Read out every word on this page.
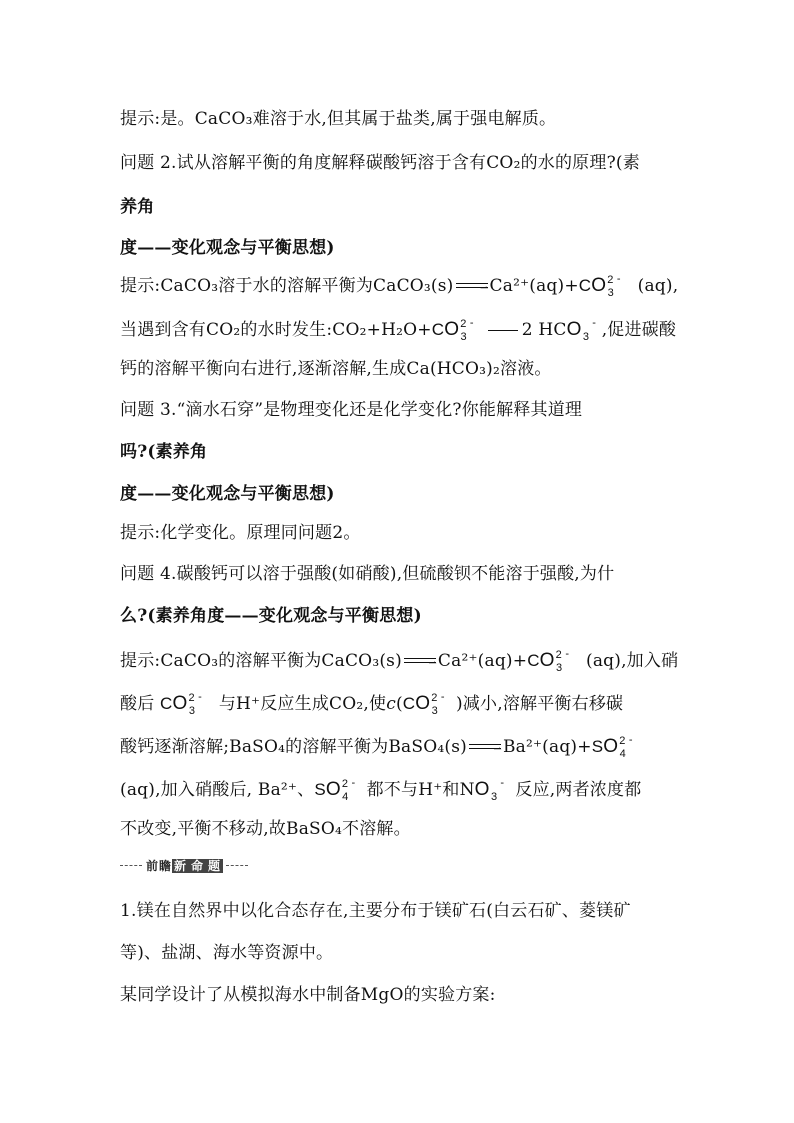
提示:是。CaCO₃难溶于水,但其属于盐类,属于强电解质。
问题 2.试从溶解平衡的角度解释碳酸钙溶于含有CO₂的水的原理?(素
养角
度——变化观念与平衡思想)
提示:CaCO₃溶于水的溶解平衡为CaCO₃(s)	⇀ $Ca^{2+}(aq)+CO^2_3^-$ (aq),
当遇到含有CO₂的水时发生$:CO_2+H_2O+CO^2_3^-$	2 $HCO_3^-$ ,促进碳酸
钙的溶解平衡向右进行,逐渐溶解,生成Ca(HCO₃)₂溶液。
问题 3.“滴水石穿”是物理变化还是化学变化?你能解释其道理
吗?(素养角
度——变化观念与平衡思想)
提示:化学变化。原理同问题2。
问题 4.碳酸钙可以溶于强酸(如硝酸),但硫酸钡不能溶于强酸,为什
么?(素养角度——变化观念与平衡思想)
提示:CaCO₃的溶解平衡为CaCO₃(s)	⇀ $Ca^{2+}(aq)+CO^2_3^-$ (aq),加入硝
酸后 $CO^2_3^-$ 与H⁺反应生成CO₂,使$c(CO^2_3^-$ )减小,溶解平衡右移碳
酸钙逐渐溶解;BaSO₄的溶解平衡为BaSO₄(s)	⇀ $Ba^{2+}(aq)+SO^2_4^-$
(aq),加入硝酸后, Ba²⁺、$SO^2_4^-$ 都不与H⁺和$NO_3^-$ 反应,两者浓度都
不改变,平衡不移动,故BaSO₄不溶解。
前瞻 新 命 题
1.镁在自然界中以化合态存在,主要分布于镁矿石(白云石矿、菱镁矿
等)、盐湖、海水等资源中。
某同学设计了从模拟海水中制备MgO的实验方案:
